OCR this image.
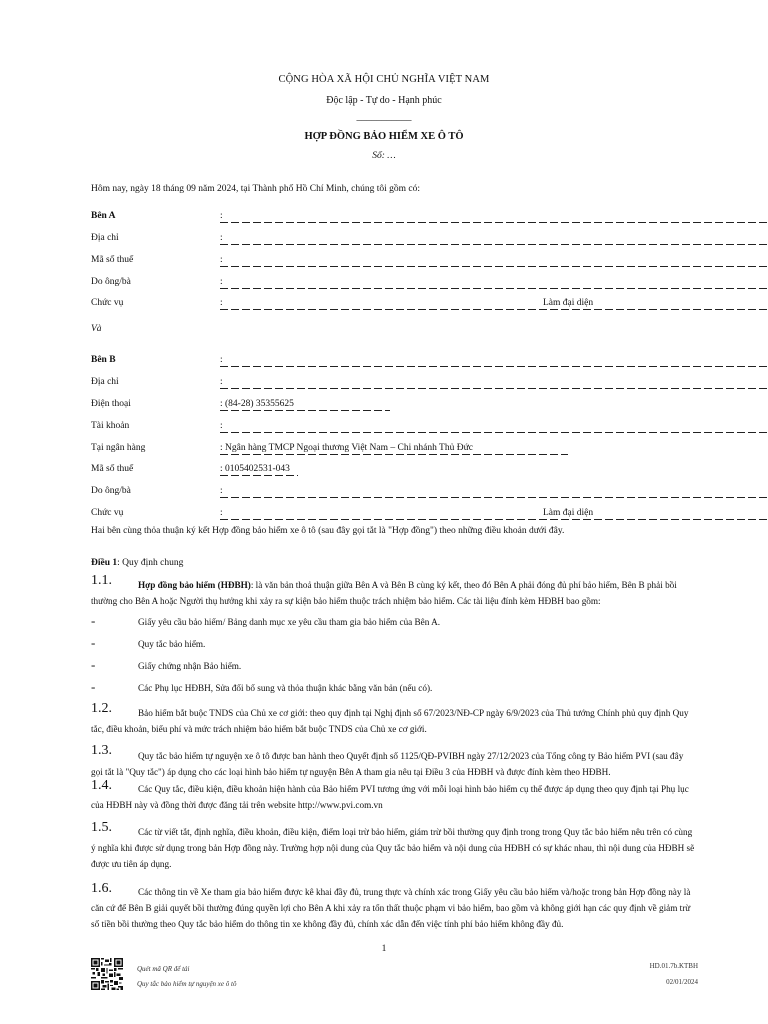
CỘNG HÒA XÃ HỘI CHỦ NGHĨA VIỆT NAM
Độc lập - Tự do - Hạnh phúc
___________
HỢP ĐỒNG BẢO HIỂM XE Ô TÔ
Số: …
Hôm nay, ngày 18 tháng 09 năm 2024, tại Thành phố Hồ Chí Minh, chúng tôi gồm có:
Bên A	:
Địa chỉ	:
Mã số thuế	:
Do ông/bà	:
Chức vụ	:	Làm đại diện
Và
Bên B	:
Địa chỉ	:
Điện thoại	: (84-28) 35355625
Tài khoản	:
Tại ngân hàng	: Ngân hàng TMCP Ngoại thương Việt Nam – Chi nhánh Thủ Đức
Mã số thuế	: 0105402531-043
Do ông/bà	:
Chức vụ	:	Làm đại diện
Hai bên cùng thỏa thuận ký kết Hợp đồng bảo hiểm xe ô tô (sau đây gọi tắt là "Hợp đồng") theo những điều khoản dưới đây.
Điều 1: Quy định chung
1.1.	Hợp đồng bảo hiểm (HĐBH): là văn bản thoả thuận giữa Bên A và Bên B cùng ký kết, theo đó Bên A phải đóng đủ phí bảo hiểm, Bên B phải bồi thường cho Bên A hoặc Người thụ hưởng khi xảy ra sự kiện bảo hiểm thuộc trách nhiệm bảo hiểm. Các tài liệu đính kèm HĐBH bao gồm:
-	Giấy yêu cầu bảo hiểm/ Bảng danh mục xe yêu cầu tham gia bảo hiểm của Bên A.
-	Quy tắc bảo hiểm.
-	Giấy chứng nhận Bảo hiểm.
-	Các Phụ lục HĐBH, Sửa đổi bổ sung và thỏa thuận khác bằng văn bản (nếu có).
1.2.	Bảo hiểm bắt buộc TNDS của Chủ xe cơ giới: theo quy định tại Nghị định số 67/2023/NĐ-CP ngày 6/9/2023 của Thủ tướng Chính phủ quy định Quy tắc, điều khoản, biểu phí và mức trách nhiệm bảo hiểm bắt buộc TNDS của Chủ xe cơ giới.
1.3.	Quy tắc bảo hiểm tự nguyện xe ô tô được ban hành theo Quyết định số 1125/QĐ-PVIBH ngày 27/12/2023 của Tổng công ty Bảo hiểm PVI (sau đây gọi tắt là "Quy tắc") áp dụng cho các loại hình bảo hiểm tự nguyện Bên A tham gia nêu tại Điều 3 của HĐBH và được đính kèm theo HĐBH.
1.4.	Các Quy tắc, điều kiện, điều khoản hiện hành của Bảo hiểm PVI tương ứng với mỗi loại hình bảo hiểm cụ thể được áp dụng theo quy định tại Phụ lục của HĐBH này và đồng thời được đăng tải trên website http://www.pvi.com.vn
1.5.	Các từ viết tắt, định nghĩa, điều khoản, điều kiện, điểm loại trừ bảo hiểm, giám trừ bồi thường quy định trong trong Quy tắc bảo hiểm nêu trên có cùng ý nghĩa khi được sử dụng trong bản Hợp đồng này. Trường hợp nội dung của Quy tắc bảo hiểm và nội dung của HĐBH có sự khác nhau, thì nội dung của HĐBH sẽ được ưu tiên áp dụng.
1.6.	Các thông tin về Xe tham gia bảo hiểm được kê khai đầy đủ, trung thực và chính xác trong Giấy yêu cầu bảo hiểm và/hoặc trong bản Hợp đồng này là căn cứ để Bên B giải quyết bồi thường đúng quyền lợi cho Bên A khi xảy ra tổn thất thuộc phạm vi bảo hiểm, bao gồm và không giới hạn các quy định về giảm trừ số tiền bồi thường theo Quy tắc bảo hiểm do thông tin xe không đầy đủ, chính xác dẫn đến việc tính phí bảo hiểm không đầy đủ.
1
Quét mã QR để tải
Quy tắc bảo hiểm tự nguyện xe ô tô
HD.01.7b.KTBH
02/01/2024
